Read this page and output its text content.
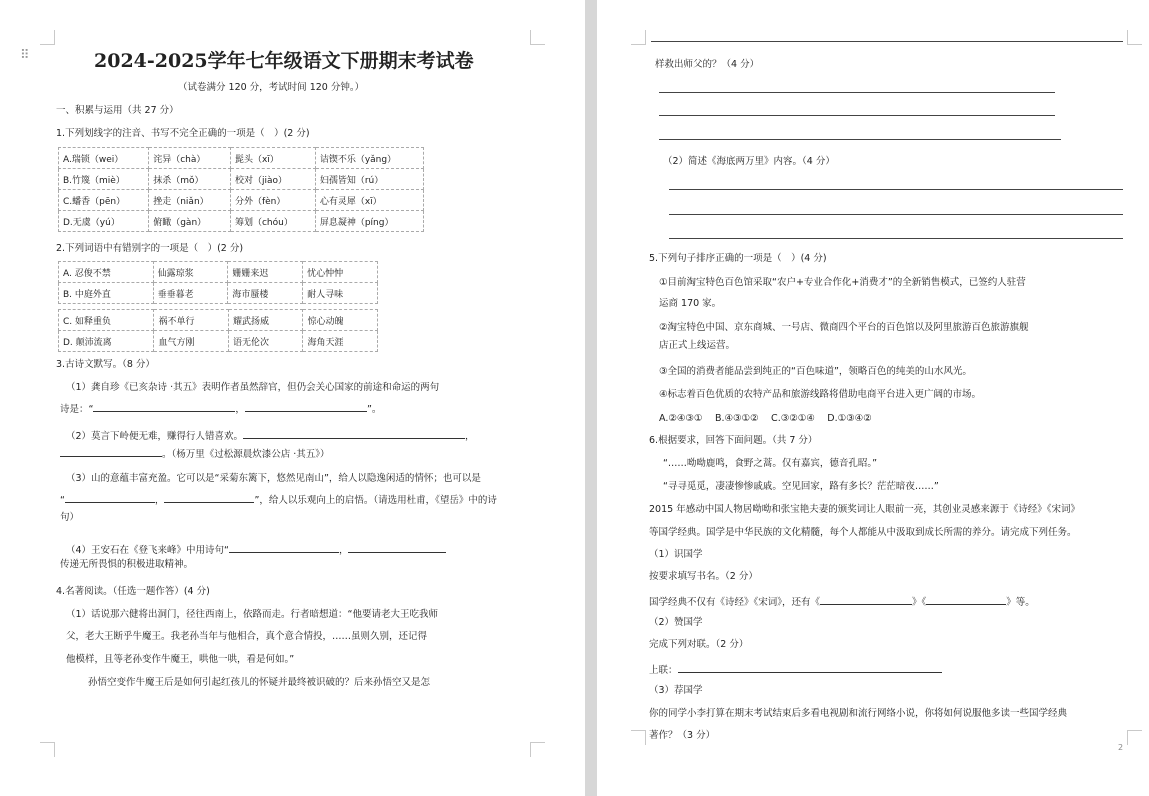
⠿	2024-2025学年七年级语文下册期末考试卷
（试卷满分 120 分，考试时间 120 分钟。）
一、积累与运用（共 27 分）
1.下列划线字的注音、书写不完全正确的一项是（　）(2 分)
A.瑞锁（wei）	诧异（chà）	髭头（xī）	诘锲不乐（yǎng）
B.竹篾（miè）	抹杀（mǒ）	校对（jiào）	妇孺皆知（rú）
C.蟠香（pēn）	挫走（niǎn）	分外（fèn）	心有灵犀（xī）
D.无虞（yú）	俯瞰（gàn）	筹划（chóu）	屏息凝神（píng）
2.下列词语中有错别字的一项是（　）(2 分)
A. 忍俊不禁	仙露琼浆	姗姗来迟	忧心忡忡
B. 中庭外直	垂垂暮老	海市蜃楼	耐人寻味
C. 如释重负	祸不单行	耀武扬威	惊心动魄
D. 颠沛流离	血气方刚	语无伦次	海角天涯
3.古诗文默写。（8 分）
（1）龚自珍《已亥杂诗 ·其五》表明作者虽然辞官，但仍会关心国家的前途和命运的两句
诗是：“	，	”。
（2）莫言下岭便无难，赚得行人错喜欢。	，
。（杨万里《过松源晨炊漆公店 ·其五》）
（3）山的意蕴丰富充盈。它可以是“采菊东篱下，悠然见南山”，给人以隐逸闲适的情怀；也可以是
“	，	”，给人以乐观向上的启悟。（请选用杜甫，《望岳》中的诗
句）
（4）王安石在《登飞来峰》中用诗句“	，
传递无所畏惧的积极进取精神。
4.名著阅读。（任选一题作答）(4 分)
（1）话说那六健将出洞门，径往西南上，依路而走。行者暗想道：“他要请老大王吃我师
父，老大王断乎牛魔王。我老孙当年与他相合，真个意合情投，……虽则久别，还记得
他模样，且等老孙变作牛魔王，哄他一哄，看是何如。”
孙悟空变作牛魔王后是如何引起红孩儿的怀疑并最终被识破的？后来孙悟空又是怎
样救出师父的？（4 分）
（2）简述《海底两万里》内容。（4 分）
5.下列句子排序正确的一项是（　）(4 分)
①目前淘宝特色百色馆采取“农户+专业合作化+消费才”的全新销售模式，已签约人驻营
运商 170 家。
②淘宝特色中国、京东商城、一号店、微商四个平台的百色馆以及阿里旅游百色旅游旗舰
店正式上线运营。
③全国的消费者能品尝到纯正的“百色味道”，领略百色的纯美的山水风光。
④标志着百色优质的农特产品和旅游线路将借助电商平台进入更广阔的市场。
A.②④③①　 B.④③①②　 C.③②①④　 D.①③④②
6.根据要求，回答下面问题。（共 7 分）
“……呦呦鹿鸣，食野之蒿。仅有嘉宾，德音孔昭。”
“寻寻觅觅，凄凄惨惨戚戚。空见回家，路有多长？茫茫暗夜……”
2015 年感动中国人物居呦呦和张宝艳夫妻的颁奖词让人眼前一亮，其创业灵感来源于《诗经》《宋词》
等国学经典。国学是中华民族的文化精髓，每个人都能从中汲取到成长所需的养分。请完成下列任务。
（1）识国学
按要求填写书名。（2 分）
国学经典不仅有《诗经》《宋词》，还有《	》《	》等。
（2）赞国学
完成下列对联。（2 分）
上联：
（3）荐国学
你的同学小李打算在期末考试结束后多看电视剧和流行网络小说，你将如何说服他多读一些国学经典
著作？（3 分）
2
